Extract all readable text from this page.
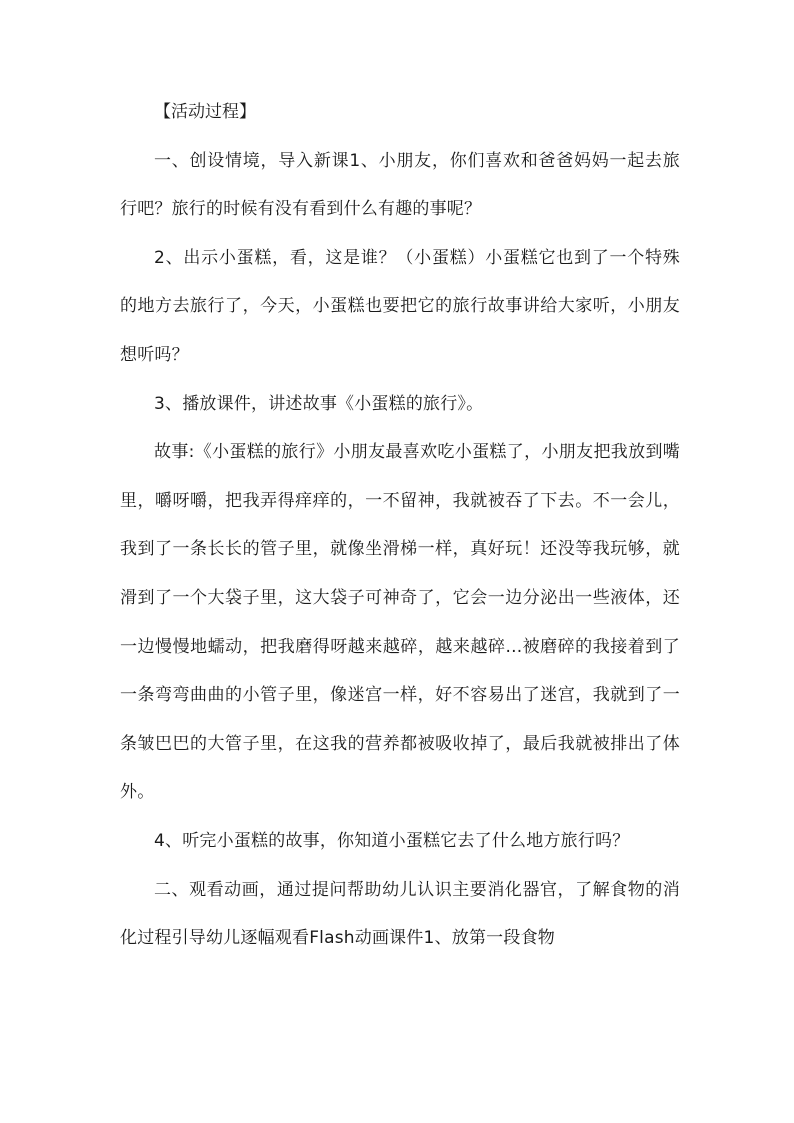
【活动过程】

一、创设情境，导入新课1、小朋友，你们喜欢和爸爸妈妈一起去旅行吧？旅行的时候有没有看到什么有趣的事呢？

2、出示小蛋糕，看，这是谁？（小蛋糕）小蛋糕它也到了一个特殊的地方去旅行了，今天，小蛋糕也要把它的旅行故事讲给大家听，小朋友想听吗？

3、播放课件，讲述故事《小蛋糕的旅行》。

故事:《小蛋糕的旅行》小朋友最喜欢吃小蛋糕了，小朋友把我放到嘴里，嚼呀嚼，把我弄得痒痒的，一不留神，我就被吞了下去。不一会儿，我到了一条长长的管子里，就像坐滑梯一样，真好玩！还没等我玩够，就滑到了一个大袋子里，这大袋子可神奇了，它会一边分泌出一些液体，还一边慢慢地蠕动，把我磨得呀越来越碎，越来越碎...被磨碎的我接着到了一条弯弯曲曲的小管子里，像迷宫一样，好不容易出了迷宫，我就到了一条皱巴巴的大管子里，在这我的营养都被吸收掉了，最后我就被排出了体外。

4、听完小蛋糕的故事，你知道小蛋糕它去了什么地方旅行吗？

二、观看动画，通过提问帮助幼儿认识主要消化器官，了解食物的消化过程引导幼儿逐幅观看Flash动画课件1、放第一段食物
